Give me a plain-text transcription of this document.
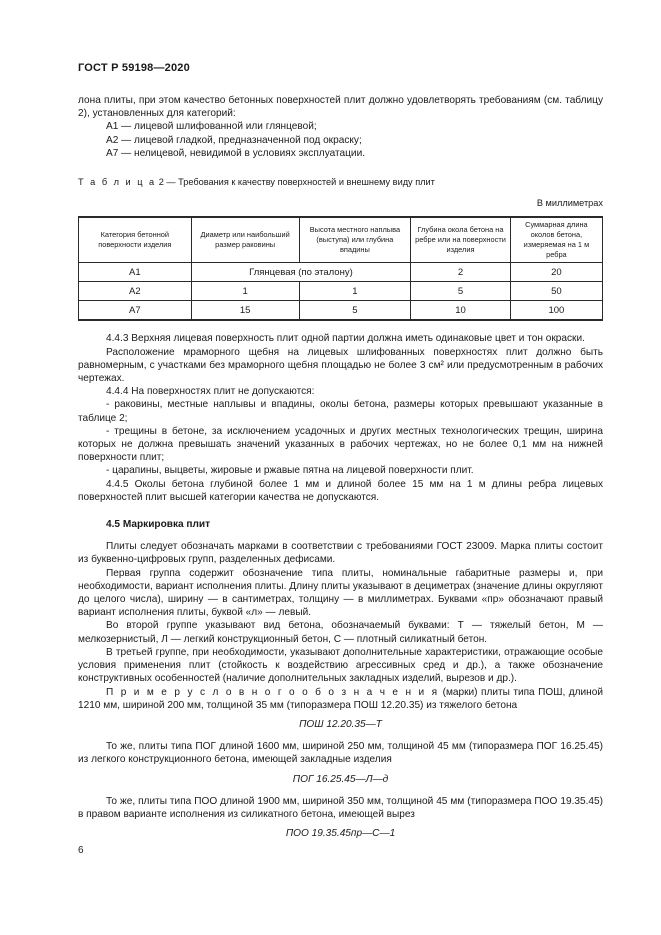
ГОСТ Р 59198—2020

лона плиты, при этом качество бетонных поверхностей плит должно удовлетворять требованиям (см. таблицу 2), установленных для категорий:

А1 — лицевой шлифованной или глянцевой;

А2 — лицевой гладкой, предназначенной под окраску;

А7 — нелицевой, невидимой в условиях эксплуатации.

Т а б л и ц а 2 — Требования к качеству поверхностей и внешнему виду плит
В миллиметрах
Категория бетонной поверхности изделия	Диаметр или наибольший размер раковины	Высота местного наплыва (выступа) или глубина впадины	Глубина окола бетона на ребре или на поверхности изделия	Суммарная длина околов бетона, измеряемая на 1 м ребра
А1	Глянцевая (по эталону)		2	20
А2	1	1	5	50
А7	15	5	10	100

4.4.3 Верхняя лицевая поверхность плит одной партии должна иметь одинаковые цвет и тон окраски.

Расположение мраморного щебня на лицевых шлифованных поверхностях плит должно быть равномерным, с участками без мраморного щебня площадью не более 3 см² или предусмотренным в рабочих чертежах.

4.4.4 На поверхностях плит не допускаются:

- раковины, местные наплывы и впадины, околы бетона, размеры которых превышают указанные в таблице 2;

- трещины в бетоне, за исключением усадочных и других местных технологических трещин, ширина которых не должна превышать значений указанных в рабочих чертежах, но не более 0,1 мм на нижней поверхности плит;

- царапины, выцветы, жировые и ржавые пятна на лицевой поверхности плит.

4.4.5 Околы бетона глубиной более 1 мм и длиной более 15 мм на 1 м длины ребра лицевых поверхностей плит высшей категории качества не допускаются.

4.5 Маркировка плит

Плиты следует обозначать марками в соответствии с требованиями ГОСТ 23009. Марка плиты состоит из буквенно-цифровых групп, разделенных дефисами.

Первая группа содержит обозначение типа плиты, номинальные габаритные размеры и, при необходимости, вариант исполнения плиты. Длину плиты указывают в дециметрах (значение длины округляют до целого числа), ширину — в сантиметрах, толщину — в миллиметрах. Буквами «пр» обозначают правый вариант исполнения плиты, буквой «л» — левый.

Во второй группе указывают вид бетона, обозначаемый буквами: Т — тяжелый бетон, М — мелкозернистый, Л — легкий конструкционный бетон, С — плотный силикатный бетон.

В третьей группе, при необходимости, указывают дополнительные характеристики, отражающие особые условия применения плит (стойкость к воздействию агрессивных сред и др.), а также обозначение конструктивных особенностей (наличие дополнительных закладных изделий, вырезов и др.).

П р и м е р у с л о в н о г о о б о з н а ч е н и я (марки) плиты типа ПОШ, длиной 1210 мм, шириной 200 мм, толщиной 35 мм (типоразмера ПОШ 12.20.35) из тяжелого бетона

ПОШ 12.20.35—Т

То же, плиты типа ПОГ длиной 1600 мм, шириной 250 мм, толщиной 45 мм (типоразмера ПОГ 16.25.45) из легкого конструкционного бетона, имеющей закладные изделия

ПОГ 16.25.45—Л—д

То же, плиты типа ПОО длиной 1900 мм, шириной 350 мм, толщиной 45 мм (типоразмера ПОО 19.35.45) в правом варианте исполнения из силикатного бетона, имеющей вырез

ПОО 19.35.45пр—С—1
6
